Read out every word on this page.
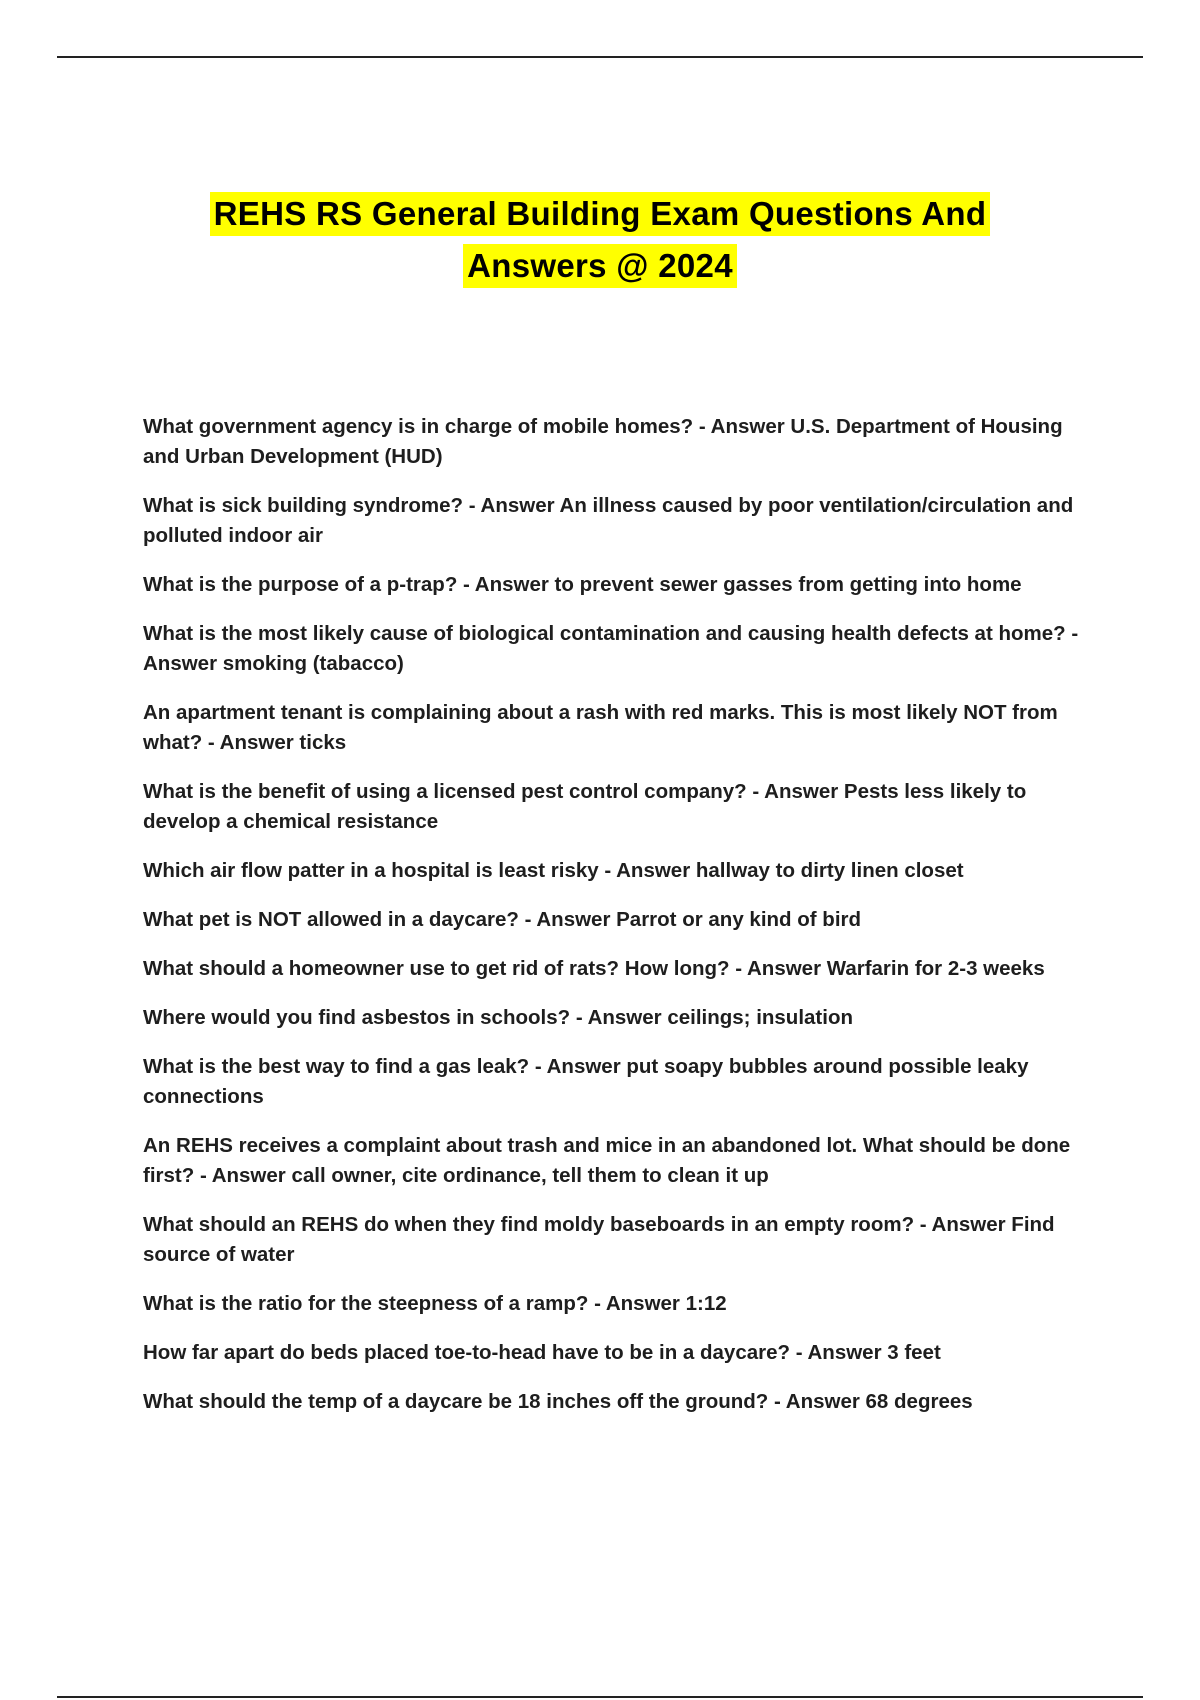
REHS RS General Building Exam Questions And
Answers @ 2024
What government agency is in charge of mobile homes? - Answer U.S. Department of Housing and Urban Development (HUD)
What is sick building syndrome? - Answer An illness caused by poor ventilation/circulation and polluted indoor air
What is the purpose of a p-trap? - Answer to prevent sewer gasses from getting into home
What is the most likely cause of biological contamination and causing health defects at home? - Answer smoking (tabacco)
An apartment tenant is complaining about a rash with red marks. This is most likely NOT from what? - Answer ticks
What is the benefit of using a licensed pest control company? - Answer Pests less likely to develop a chemical resistance
Which air flow patter in a hospital is least risky - Answer hallway to dirty linen closet
What pet is NOT allowed in a daycare? - Answer Parrot or any kind of bird
What should a homeowner use to get rid of rats? How long? - Answer Warfarin for 2-3 weeks
Where would you find asbestos in schools? - Answer ceilings; insulation
What is the best way to find a gas leak? - Answer put soapy bubbles around possible leaky connections
An REHS receives a complaint about trash and mice in an abandoned lot. What should be done first? - Answer call owner, cite ordinance, tell them to clean it up
What should an REHS do when they find moldy baseboards in an empty room? - Answer Find source of water
What is the ratio for the steepness of a ramp? - Answer 1:12
How far apart do beds placed toe-to-head have to be in a daycare? - Answer 3 feet
What should the temp of a daycare be 18 inches off the ground? - Answer 68 degrees
